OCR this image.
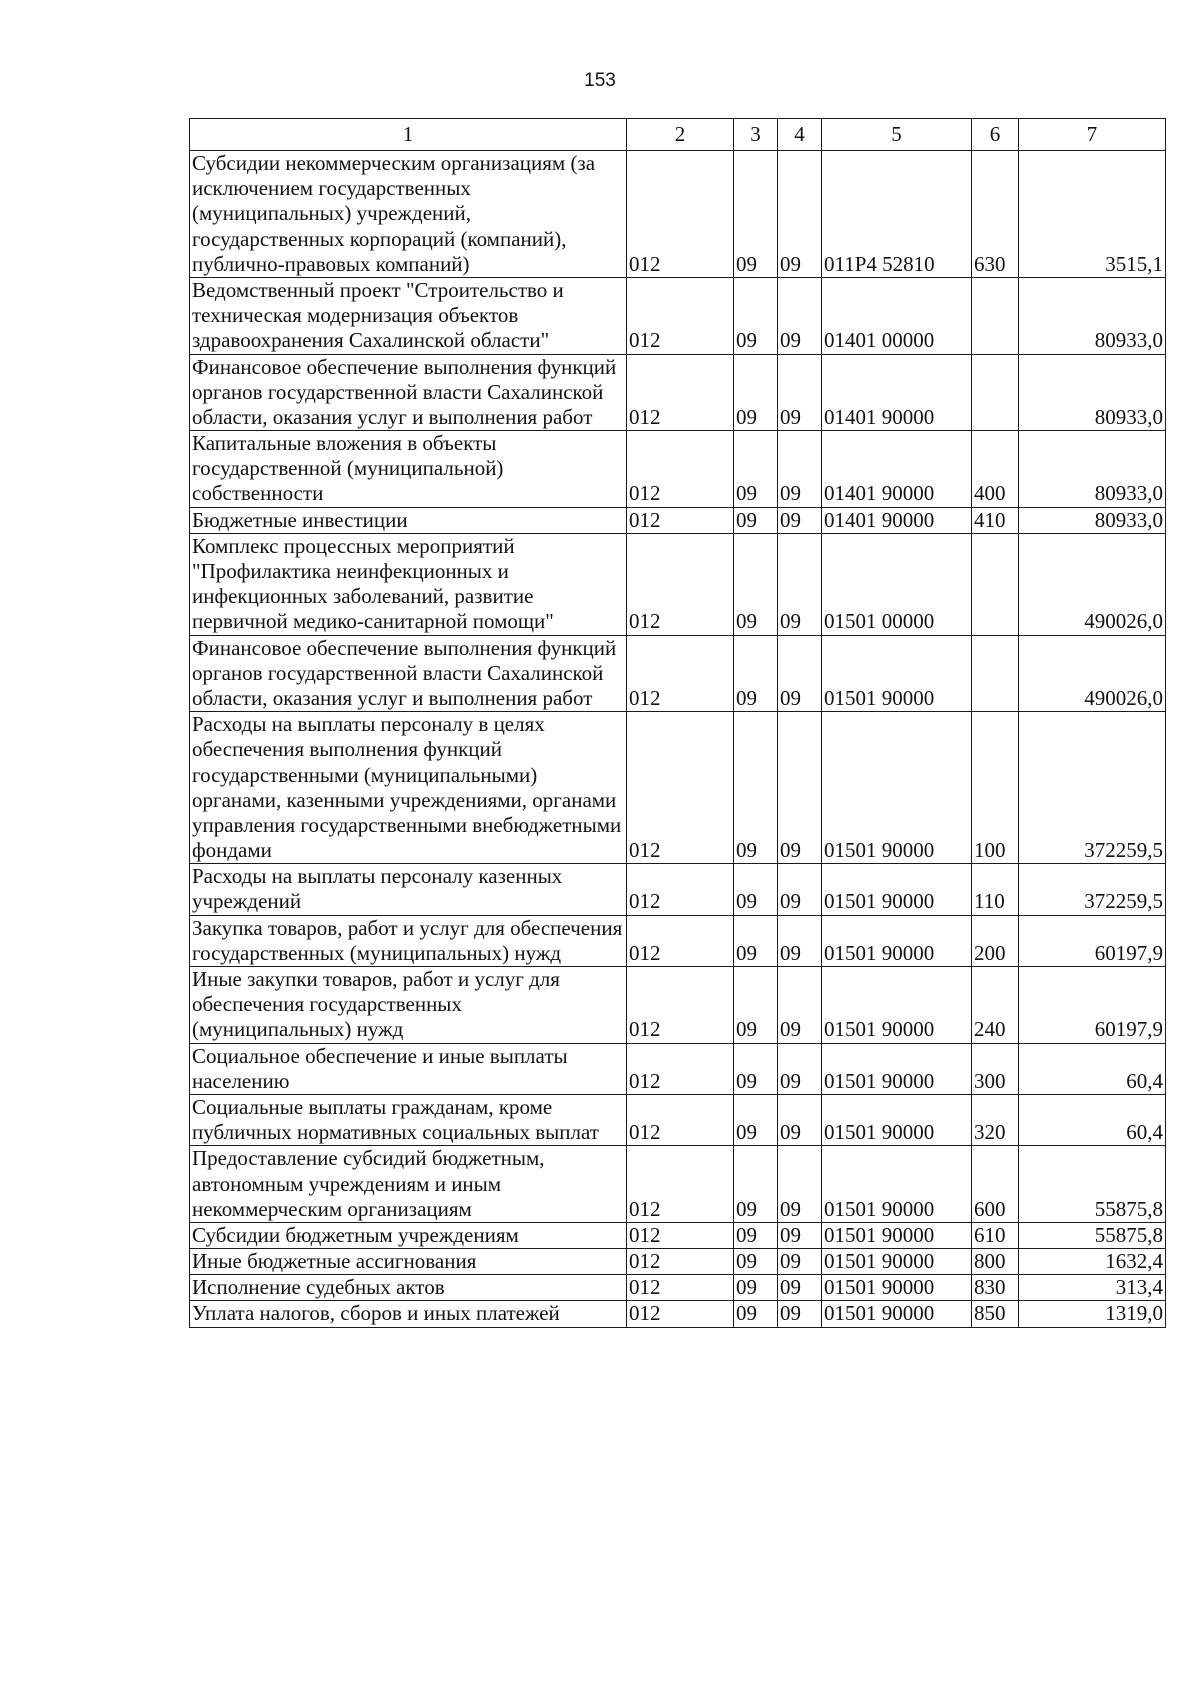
153
1	2	3	4	5	6	7
Субсидии некоммерческим организациям (за исключением государственных (муниципальных) учреждений, государственных корпораций (компаний), публично-правовых компаний)	012	09	09	011Р4 52810	630	3515,1
Ведомственный проект "Строительство и техническая модернизация объектов здравоохранения Сахалинской области"	012	09	09	01401 00000		80933,0
Финансовое обеспечение выполнения функций органов государственной власти Сахалинской области, оказания услуг и выполнения работ	012	09	09	01401 90000		80933,0
Капитальные вложения в объекты государственной (муниципальной) собственности	012	09	09	01401 90000	400	80933,0
Бюджетные инвестиции	012	09	09	01401 90000	410	80933,0
Комплекс процессных мероприятий "Профилактика неинфекционных и инфекционных заболеваний, развитие первичной медико-санитарной помощи"	012	09	09	01501 00000		490026,0
Финансовое обеспечение выполнения функций органов государственной власти Сахалинской области, оказания услуг и выполнения работ	012	09	09	01501 90000		490026,0
Расходы на выплаты персоналу в целях обеспечения выполнения функций государственными (муниципальными) органами, казенными учреждениями, органами управления государственными внебюджетными фондами	012	09	09	01501 90000	100	372259,5
Расходы на выплаты персоналу казенных учреждений	012	09	09	01501 90000	110	372259,5
Закупка товаров, работ и услуг для обеспечения государственных (муниципальных) нужд	012	09	09	01501 90000	200	60197,9
Иные закупки товаров, работ и услуг для обеспечения государственных (муниципальных) нужд	012	09	09	01501 90000	240	60197,9
Социальное обеспечение и иные выплаты населению	012	09	09	01501 90000	300	60,4
Социальные выплаты гражданам, кроме публичных нормативных социальных выплат	012	09	09	01501 90000	320	60,4
Предоставление субсидий бюджетным, автономным учреждениям и иным некоммерческим организациям	012	09	09	01501 90000	600	55875,8
Субсидии бюджетным учреждениям	012	09	09	01501 90000	610	55875,8
Иные бюджетные ассигнования	012	09	09	01501 90000	800	1632,4
Исполнение судебных актов	012	09	09	01501 90000	830	313,4
Уплата налогов, сборов и иных платежей	012	09	09	01501 90000	850	1319,0
